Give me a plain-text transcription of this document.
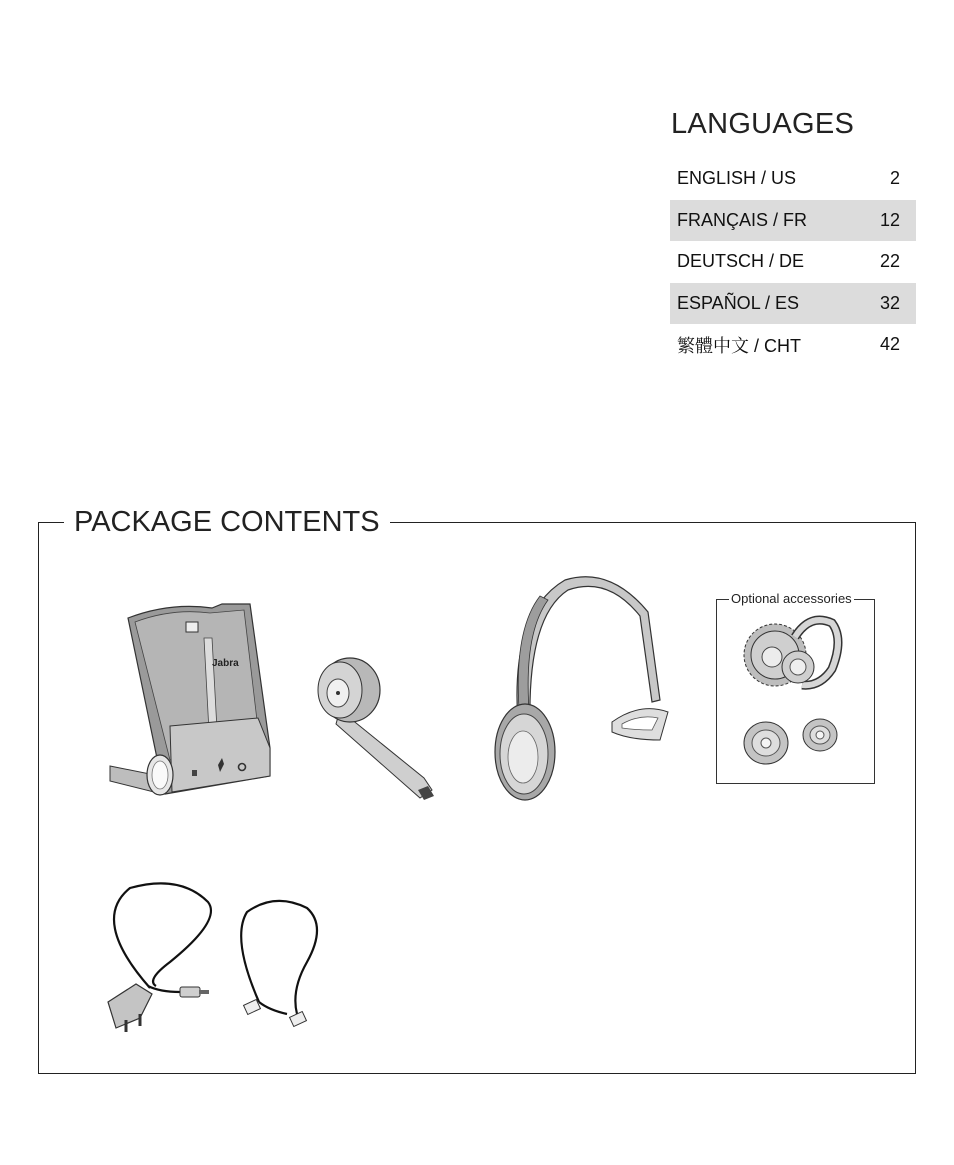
LANGUAGES
ENGLISH / US	2
FRANÇAIS / FR	12
DEUTSCH / DE	22
ESPAÑOL / ES	32
繁體中文 / CHT	42
PACKAGE CONTENTS
Jabra
Optional accessories
